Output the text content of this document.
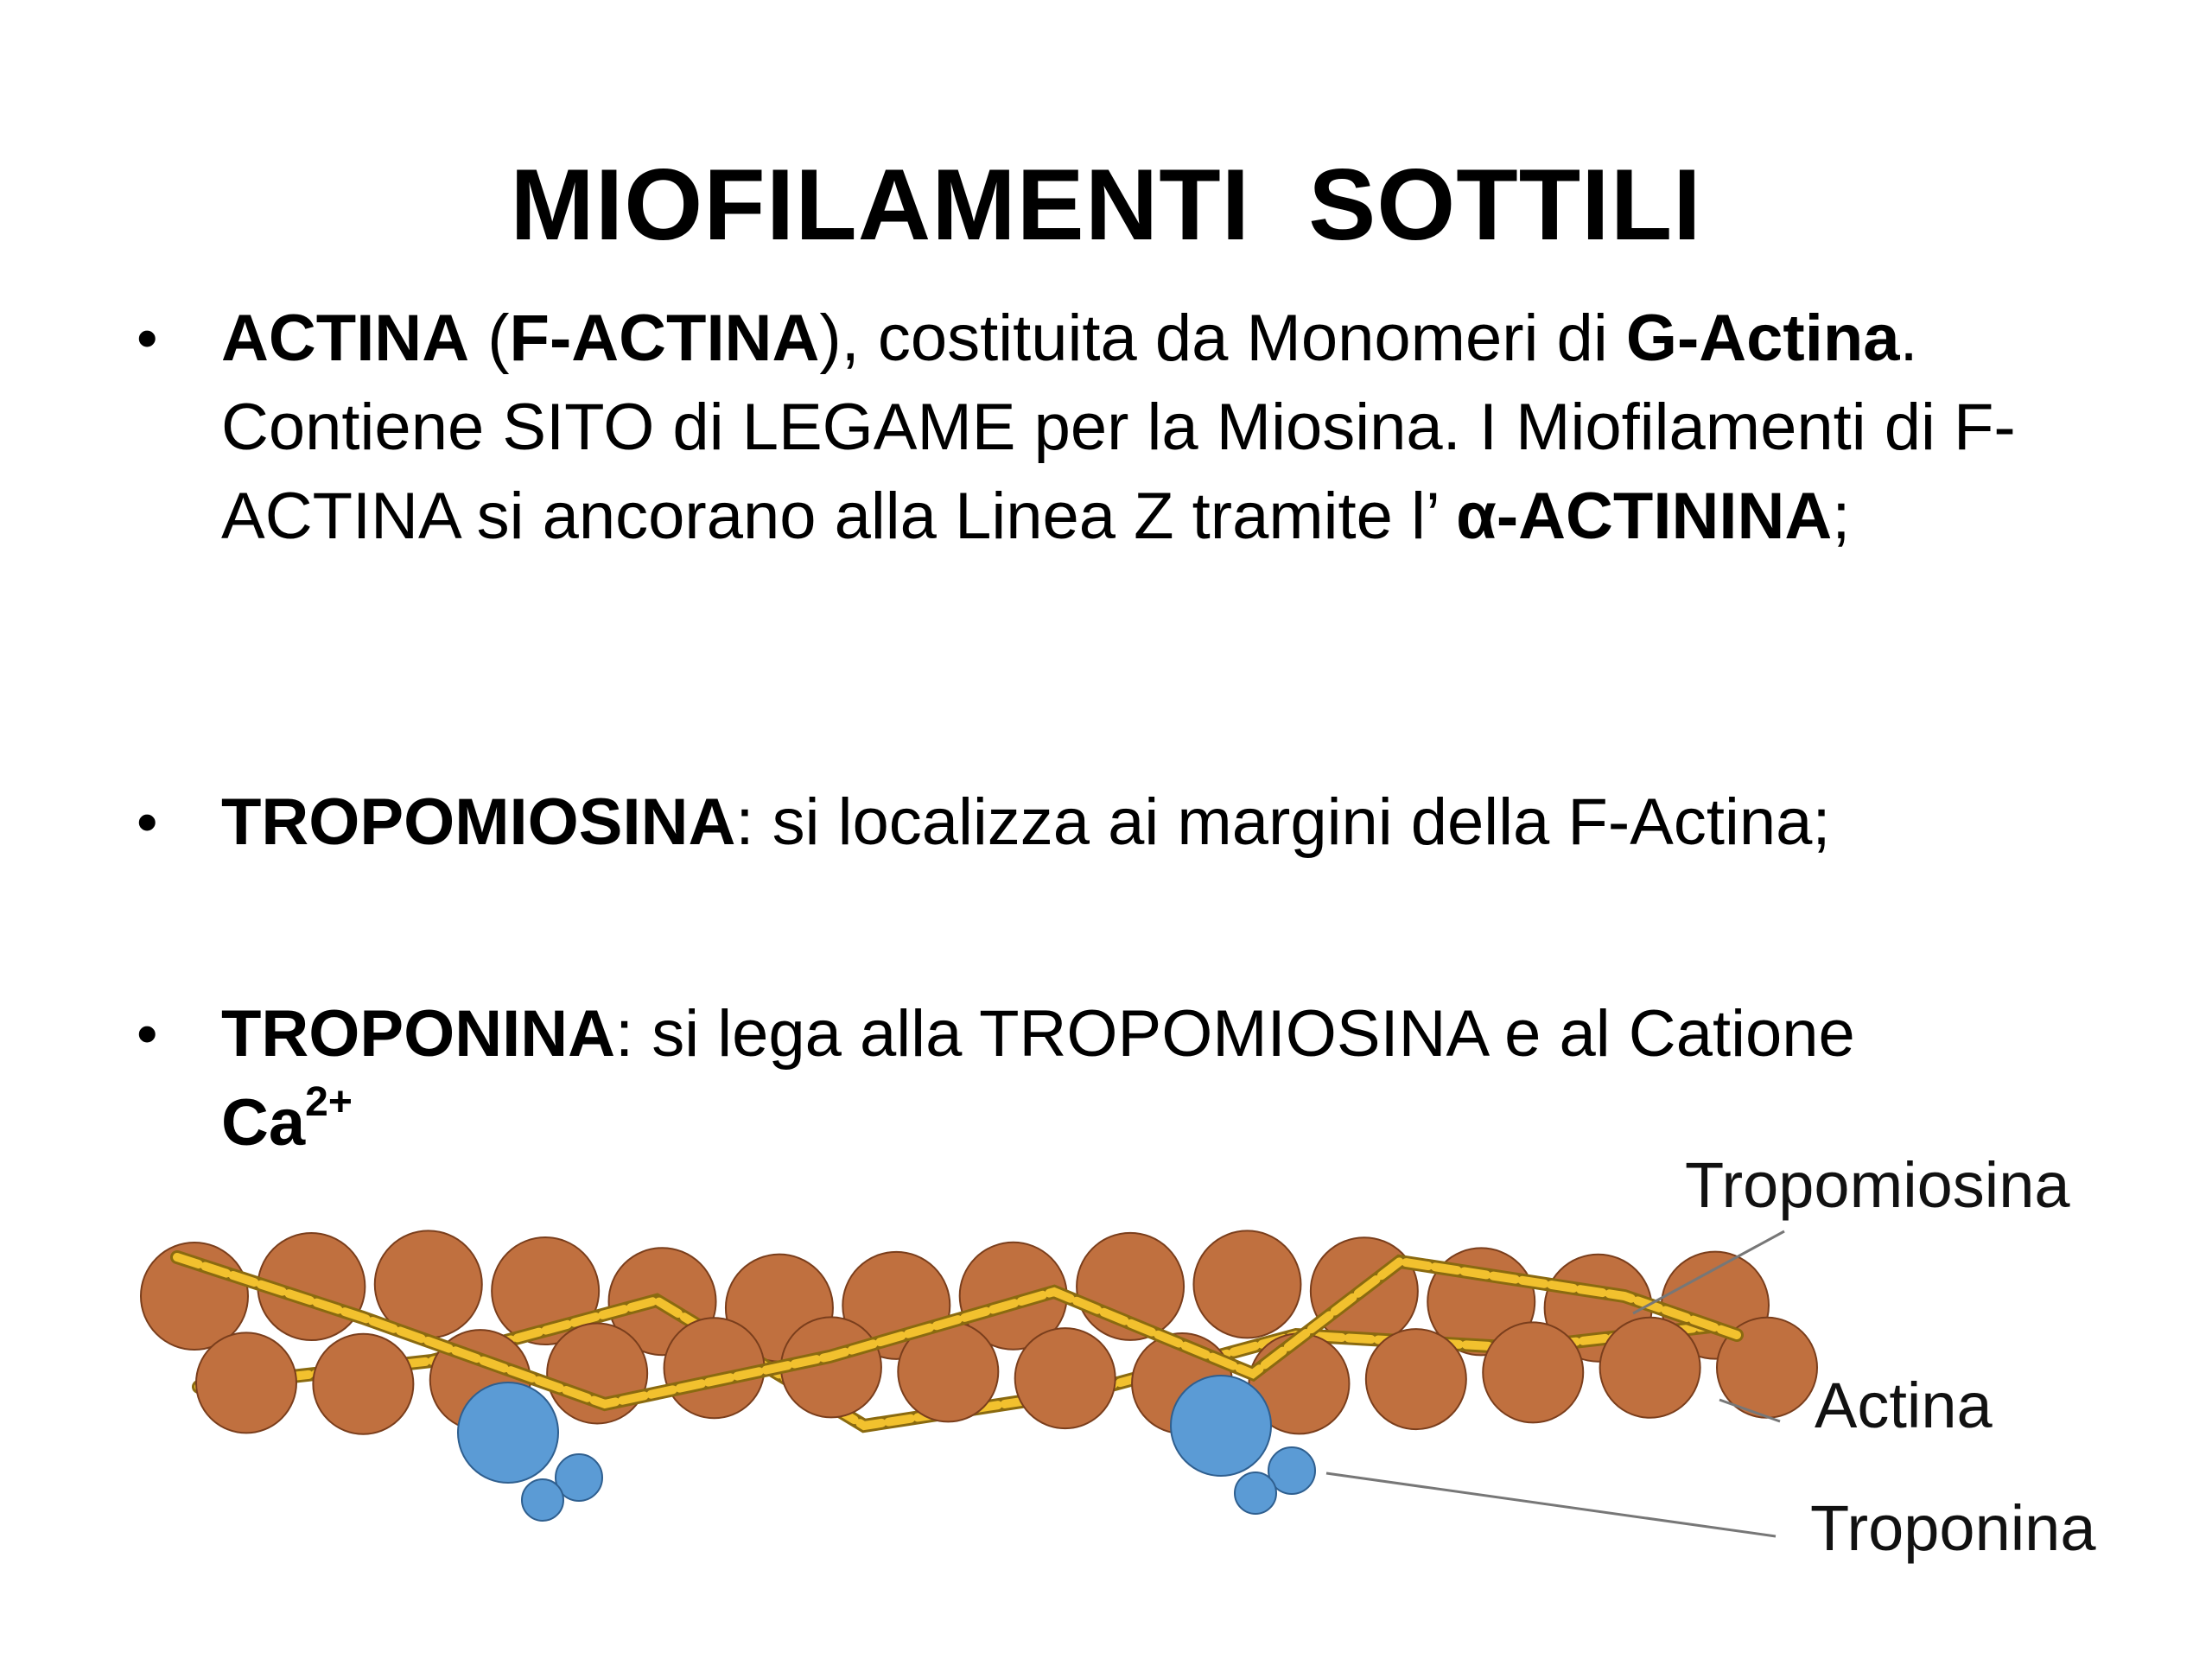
MIOFILAMENTI  SOTTILI
• ACTINA (F-ACTINA), costituita da Monomeri di G-Actina. Contiene SITO di LEGAME per la Miosina. I Miofilamenti di F-ACTINA si ancorano alla Linea Z tramite l’ α-ACTININA;
• TROPOMIOSINA: si localizza ai margini della F-Actina;
• TROPONINA: si lega alla TROPOMIOSINA e al Catione
$Ca^{2+}$
Tropomiosina
Actina
Troponina
